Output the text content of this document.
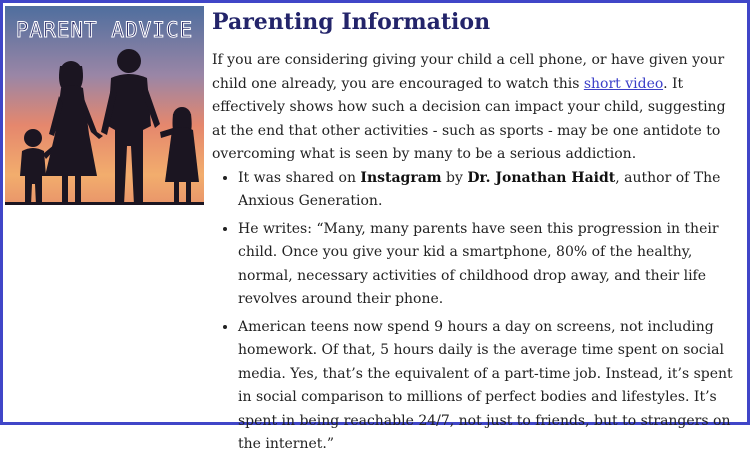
PARENT ADVICE Parenting Information

If you are considering giving your child a cell phone, or have given your child one already, you are encouraged to watch this short video. It effectively shows how such a decision can impact your child, suggesting at the end that other activities - such as sports - may be one antidote to overcoming what is seen by many to be a serious addiction.

• It was shared on Instagram by Dr. Jonathan Haidt, author of The Anxious Generation.
• He writes: “Many, many parents have seen this progression in their child. Once you give your kid a smartphone, 80% of the healthy, normal, necessary activities of childhood drop away, and their life revolves around their phone.
• American teens now spend 9 hours a day on screens, not including homework. Of that, 5 hours daily is the average time spent on social media. Yes, that’s the equivalent of a part-time job. Instead, it’s spent in social comparison to millions of perfect bodies and lifestyles. It’s spent in being reachable 24/7, not just to friends, but to strangers on the internet.”
